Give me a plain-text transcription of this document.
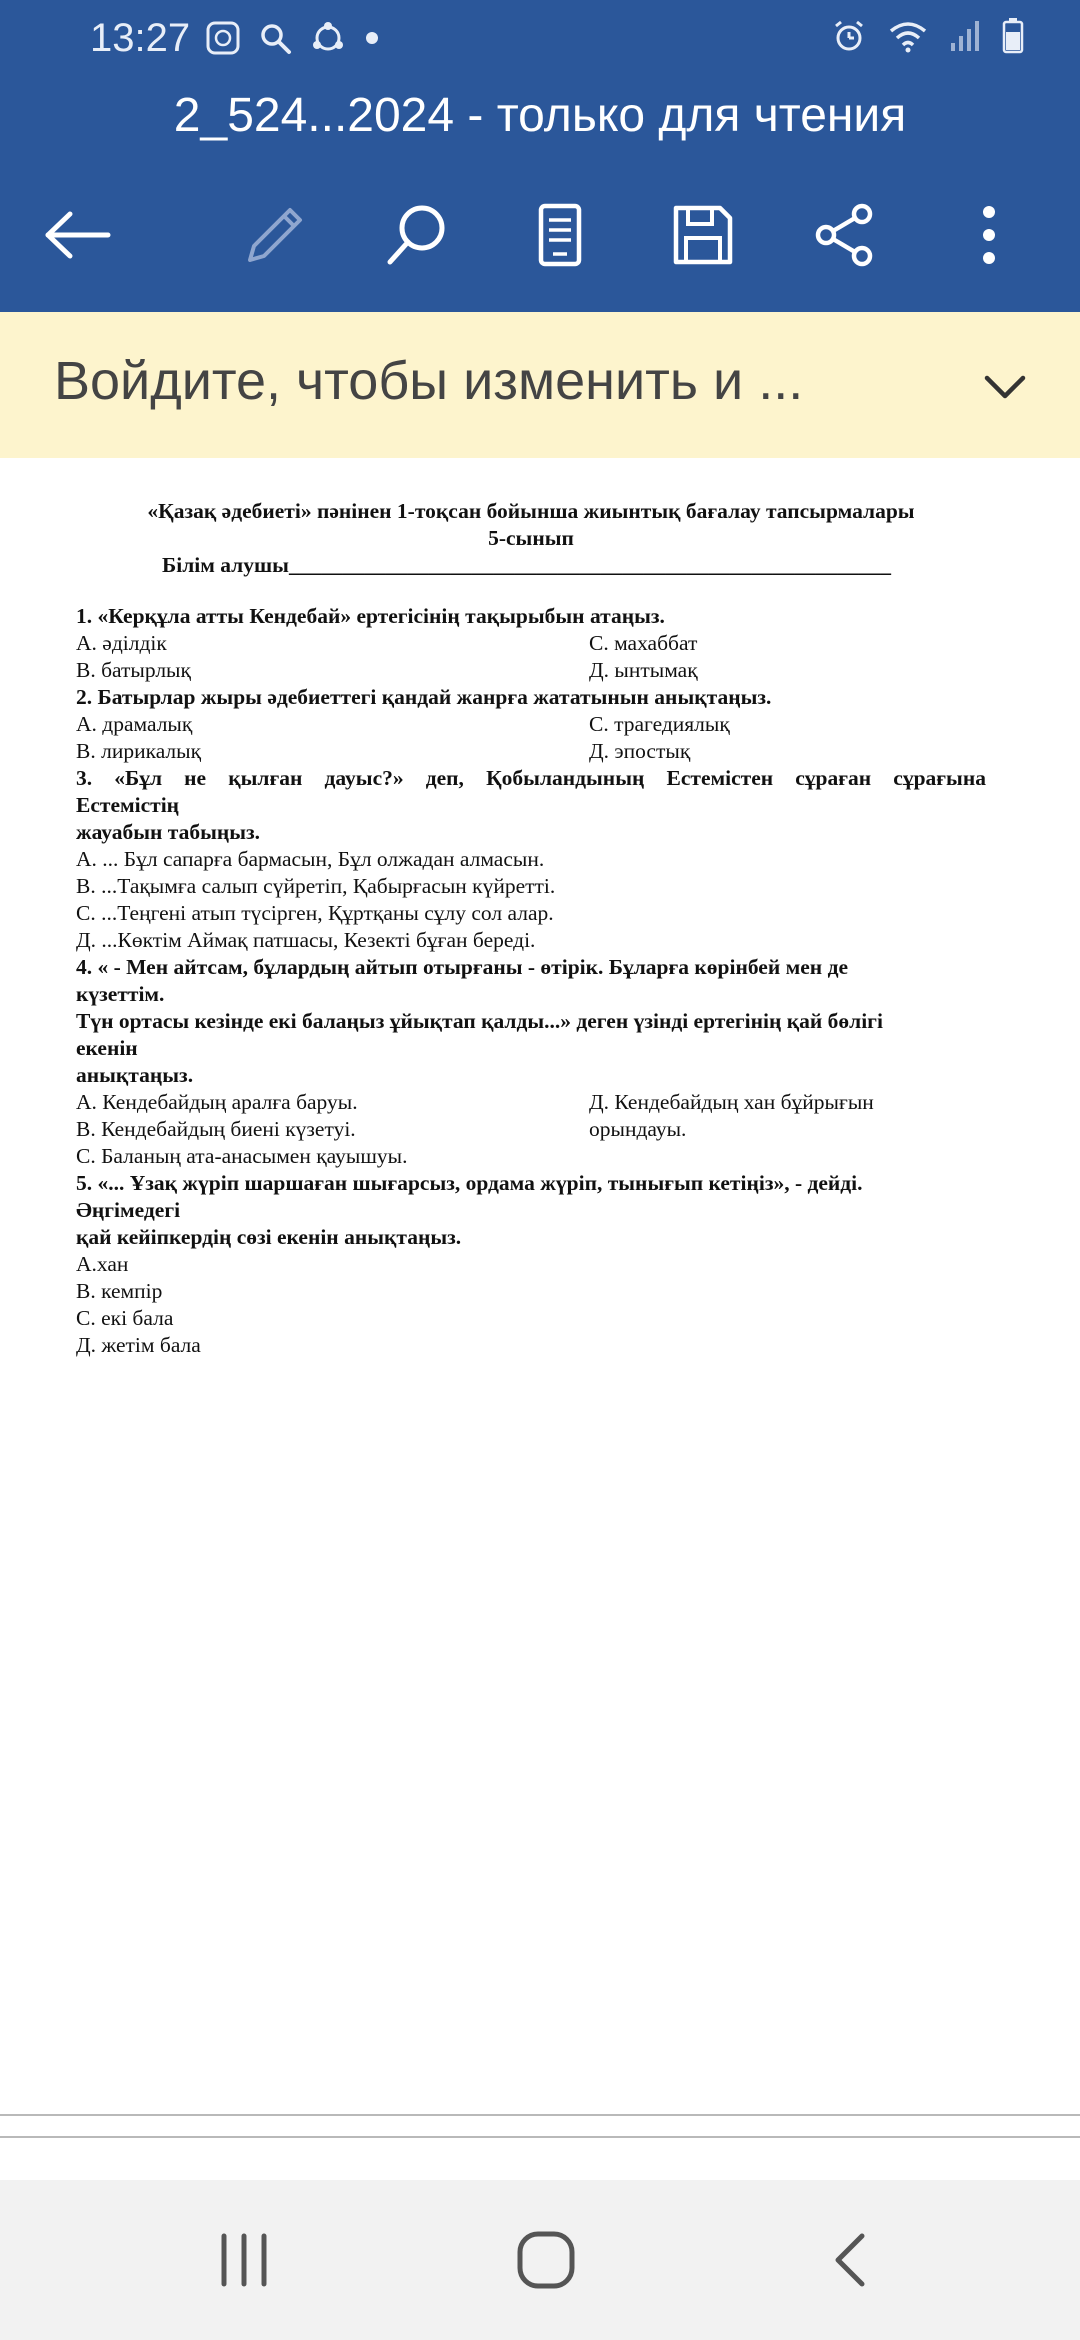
13:27
2_524...2024 - только для чтения
Войдите, чтобы изменить и ...
«Қазақ әдебиеті» пәнінен 1-тоқсан бойынша жиынтық бағалау тапсырмалары
5-сынып
Білім алушы________________________________________________________
1. «Керқұла атты Кендебай» ертегісінің тақырыбын атаңыз.
А. әділдік	С. махаббат
В. батырлық	Д. ынтымақ
2. Батырлар жыры әдебиеттегі қандай жанрға жататынын анықтаңыз.
А. драмалық	С. трагедиялық
В. лирикалық	Д. эпостық
3. «Бұл не қылған дауыс?» деп, Қобыландының Естемістен сұраған сұрағына
Естемістің
жауабын табыңыз.
А. ... Бұл сапарға бармасын, Бұл олжадан алмасын.
В. ...Тақымға салып сүйретіп, Қабырғасын күйретті.
С. ...Теңгені атып түсірген, Құртқаны сұлу сол алар.
Д. ...Көктім Аймақ патшасы, Кезекті бұған береді.
4. « - Мен айтсам, бұлардың айтып отырғаны - өтірік. Бұларға көрінбей мен де
күзеттім.
Түн ортасы кезінде екі балаңыз ұйықтап қалды...» деген үзінді ертегінің қай бөлігі
екенін
анықтаңыз.
А. Кендебайдың аралға баруы.	Д. Кендебайдың хан бұйрығын
В. Кендебайдың биені күзетуі.	орындауы.
С. Баланың ата-анасымен қауышуы.
5. «... Ұзақ жүріп шаршаған шығарсыз, ордама жүріп, тынығып кетіңіз», - дейді.
Әңгімедегі
қай кейіпкердің сөзі екенін анықтаңыз.
А.хан
В. кемпір
С. екі бала
Д. жетім бала
